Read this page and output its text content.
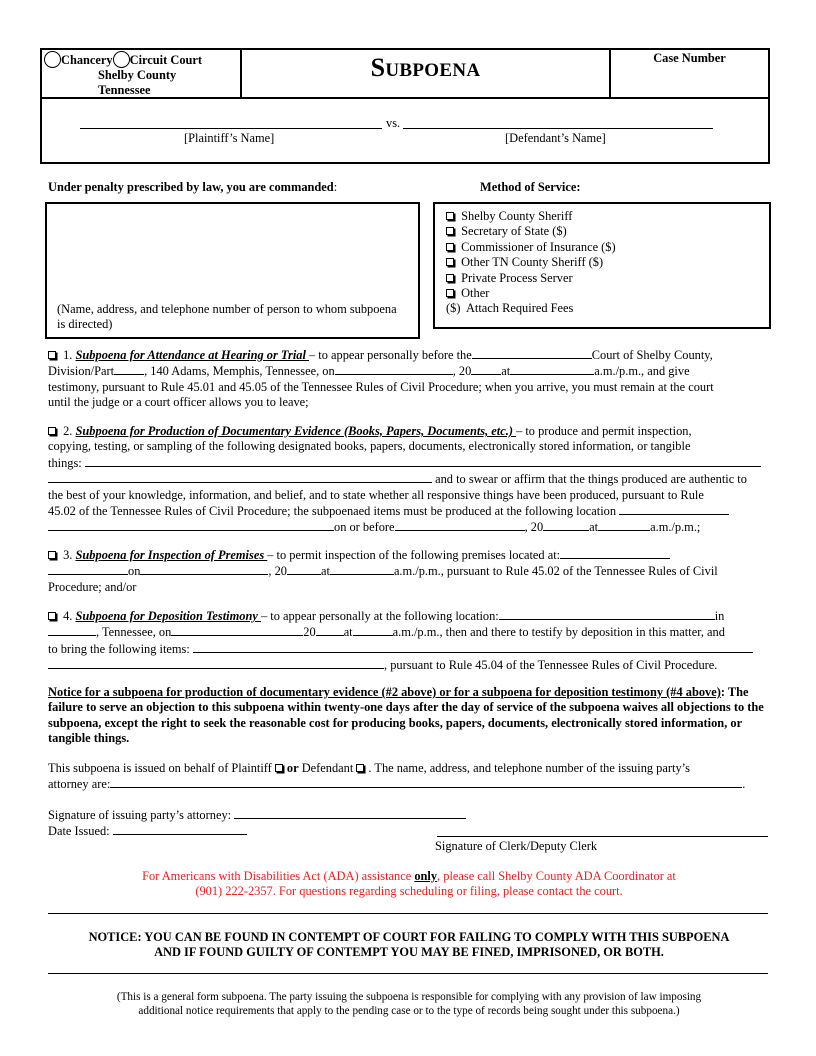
Chancery Circuit Court
Shelby County
Tennessee
SUBPOENA
Case Number
vs.
[Plaintiff’s Name]	[Defendant’s Name]
Under penalty prescribed by law, you are commanded:	Method of Service:
(Name, address, and telephone number of person to whom subpoena is directed)
Shelby County Sheriff
Secretary of State ($)
Commissioner of Insurance ($)
Other TN County Sheriff ($)
Private Process Server
Other
($) Attach Required Fees
1. Subpoena for Attendance at Hearing or Trial – to appear personally before the	Court of Shelby County,
Division/Part , 140 Adams, Memphis, Tennessee, on	, 20 at	a.m./p.m., and give
testimony, pursuant to Rule 45.01 and 45.05 of the Tennessee Rules of Civil Procedure; when you arrive, you must remain at the court
until the judge or a court officer allows you to leave;
2. Subpoena for Production of Documentary Evidence (Books, Papers, Documents, etc.) – to produce and permit inspection,
copying, testing, or sampling of the following designated books, papers, documents, electronically stored information, or tangible
things:
and to swear or affirm that the things produced are authentic to
the best of your knowledge, information, and belief, and to state whether all responsive things have been produced, pursuant to Rule
45.02 of the Tennessee Rules of Civil Procedure; the subpoenaed items must be produced at the following location
on or before	, 20	at	a.m./p.m.;
3. Subpoena for Inspection of Premises – to permit inspection of the following premises located at:
on	, 20	at	a.m./p.m., pursuant to Rule 45.02 of the Tennessee Rules of Civil
Procedure; and/or
4. Subpoena for Deposition Testimony – to appear personally at the following location:	in
, Tennessee, on	20 at	a.m./p.m., then and there to testify by deposition in this matter, and
to bring the following items:
, pursuant to Rule 45.04 of the Tennessee Rules of Civil Procedure.
Notice for a subpoena for production of documentary evidence (#2 above) or for a subpoena for deposition testimony (#4 above): The failure to serve an objection to this subpoena within twenty-one days after the day of service of the subpoena waives all objections to the subpoena, except the right to seek the reasonable cost for producing books, papers, documents, electronically stored information, or tangible things.
This subpoena is issued on behalf of Plaintiff or Defendant . The name, address, and telephone number of the issuing party’s
attorney are:	.
Signature of issuing party’s attorney:
Date Issued:
Signature of Clerk/Deputy Clerk
For Americans with Disabilities Act (ADA) assistance only, please call Shelby County ADA Coordinator at
(901) 222-2357. For questions regarding scheduling or filing, please contact the court.
NOTICE: YOU CAN BE FOUND IN CONTEMPT OF COURT FOR FAILING TO COMPLY WITH THIS SUBPOENA
AND IF FOUND GUILTY OF CONTEMPT YOU MAY BE FINED, IMPRISONED, OR BOTH.
(This is a general form subpoena. The party issuing the subpoena is responsible for complying with any provision of law imposing
additional notice requirements that apply to the pending case or to the type of records being sought under this subpoena.)
